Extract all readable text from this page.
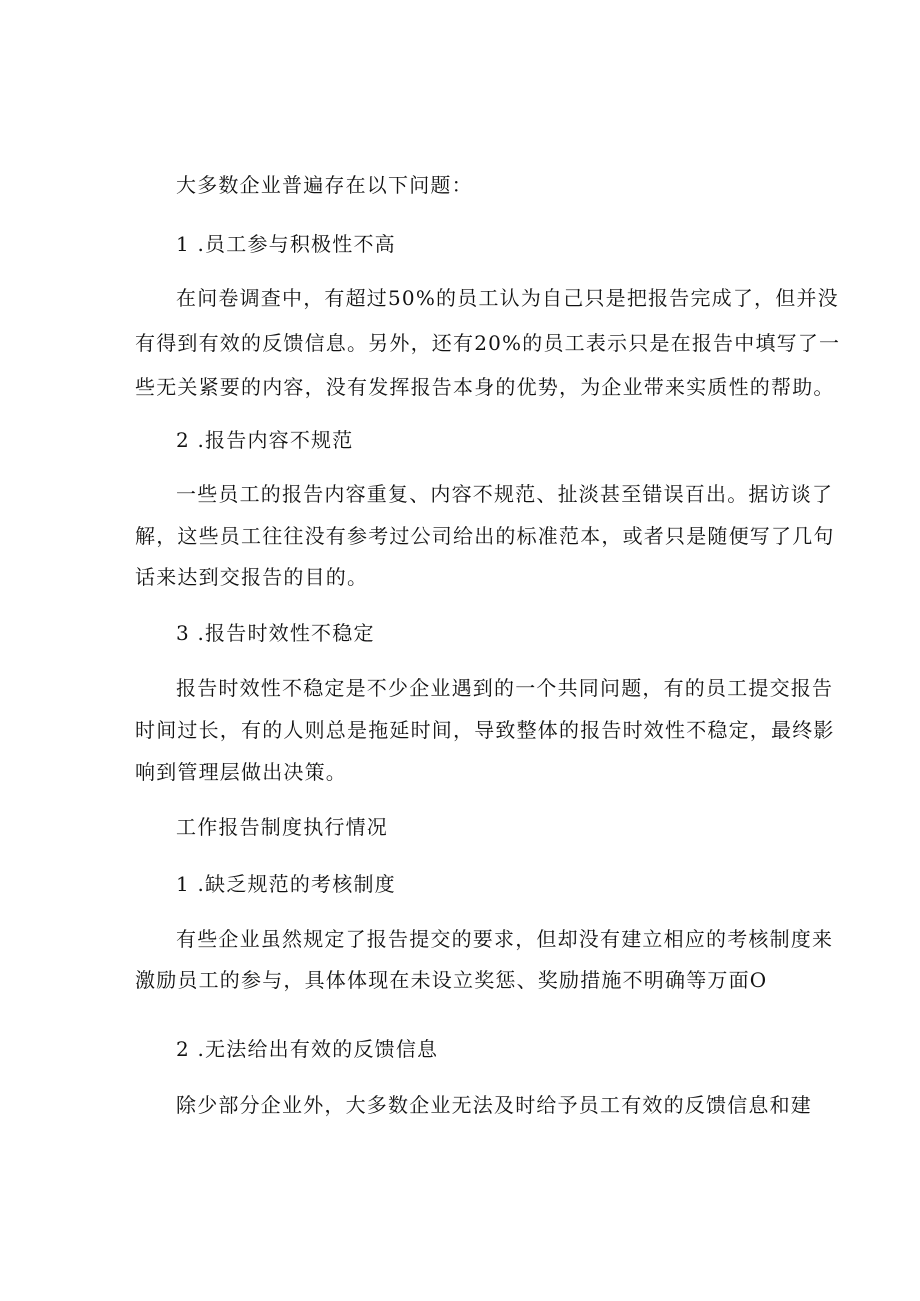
大多数企业普遍存在以下问题：
1 .员工参与积极性不高
在问卷调查中，有超过50%的员工认为自己只是把报告完成了，但并没
有得到有效的反馈信息。另外，还有20%的员工表示只是在报告中填写了一
些无关紧要的内容，没有发挥报告本身的优势，为企业带来实质性的帮助。
2 .报告内容不规范
一些员工的报告内容重复、内容不规范、扯淡甚至错误百出。据访谈了
解，这些员工往往没有参考过公司给出的标准范本，或者只是随便写了几句
话来达到交报告的目的。
3 .报告时效性不稳定
报告时效性不稳定是不少企业遇到的一个共同问题，有的员工提交报告
时间过长，有的人则总是拖延时间，导致整体的报告时效性不稳定，最终影
响到管理层做出决策。
工作报告制度执行情况
1 .缺乏规范的考核制度
有些企业虽然规定了报告提交的要求，但却没有建立相应的考核制度来
激励员工的参与，具体体现在未设立奖惩、奖励措施不明确等万面O
2 .无法给出有效的反馈信息
除少部分企业外，大多数企业无法及时给予员工有效的反馈信息和建
